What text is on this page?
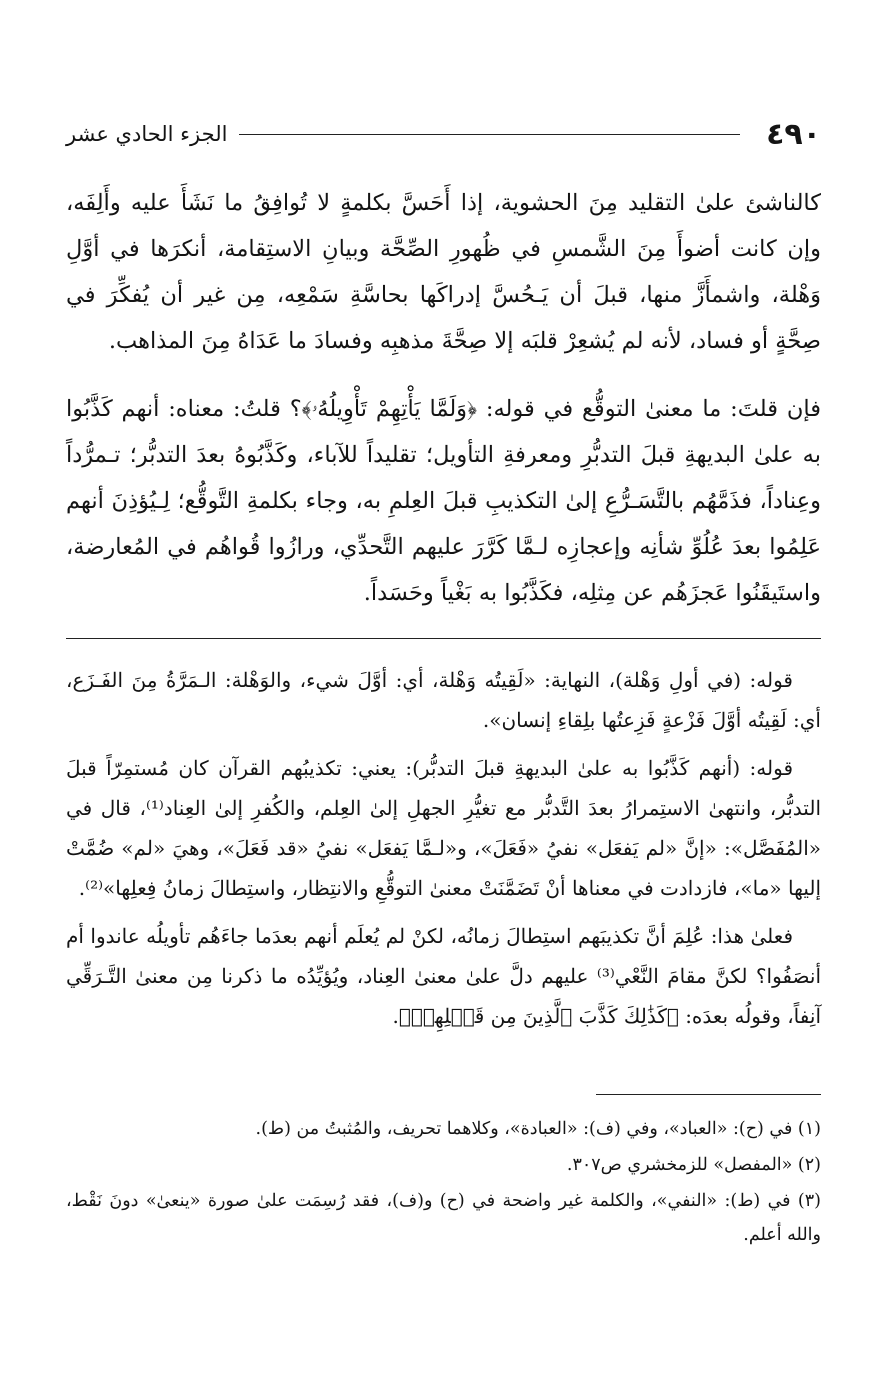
٤٩٠
الجزء الحادي عشر

كالناشئ علىٰ التقليد مِنَ الحشوية، إذا أَحَسَّ بكلمةٍ لا تُوافِقُ ما نَشَأَ عليه وأَلِفَه، وإن كانت أضوأَ مِنَ الشَّمسِ في ظُهورِ الصِّحَّة وبيانِ الاستِقامة، أنكرَها في أوَّلِ وَهْلة، واشمأَزَّ منها، قبلَ أن يَـحُسَّ إدراكَها بحاسَّةِ سَمْعِه، مِن غير أن يُفكِّرَ في صِحَّةٍ أو فساد، لأنه لم يُشعِرْ قلبَه إلا صِحَّةَ مذهبِه وفسادَ ما عَدَاهُ مِنَ المذاهب.

فإن قلتَ: ما معنىٰ التوقُّع في قوله: ﴿وَلَمَّا يَأْتِهِمْ تَأْوِيلُهُۥ﴾؟ قلتُ: معناه: أنهم كَذَّبُوا به علىٰ البديهةِ قبلَ التدبُّرِ ومعرفةِ التأويل؛ تقليداً للآباء، وكَذَّبُوهُ بعدَ التدبُّر؛ تـمرُّداً وعِناداً، فذَمَّهُم بالتَّسَـرُّعِ إلىٰ التكذيبِ قبلَ العِلمِ به، وجاء بكلمةِ التَّوقُّع؛ لِـيُؤذِنَ أنهم عَلِمُوا بعدَ عُلُوِّ شأنِه وإعجازِه لـمَّا كَرَّرَ عليهم التَّحدِّي، ورازُوا قُواهُم في المُعارضة، واستَيقَنُوا عَجزَهُم عن مِثلِه، فكَذَّبُوا به بَغْياً وحَسَداً.

قوله: (في أولِ وَهْلة)، النهاية: «لَقِيتُه وَهْلة، أي: أوَّلَ شيء، والوَهْلة: الـمَرَّةُ مِنَ الفَـزَع، أي: لَقِيتُه أوَّلَ فَزْعةٍ فَزِعتُها بلِقاءِ إنسان».

قوله: (أنهم كَذَّبُوا به علىٰ البديهةِ قبلَ التدبُّر): يعني: تكذيبُهم القرآن كان مُستمِرّاً قبلَ التدبُّر، وانتهىٰ الاستِمرارُ بعدَ التَّدبُّر مع تغيُّرِ الجهلِ إلىٰ العِلم، والكُفرِ إلىٰ العِناد⁽¹⁾، قال في «المُفَصَّل»: «إنَّ «لم يَفعَل» نفيُ «فَعَلَ»، و«لـمَّا يَفعَل» نفيُ «قد فَعَلَ»، وهيَ «لم» ضُمَّتْ إليها «ما»، فازدادت في معناها أنْ تَضَمَّنَتْ معنىٰ التوقُّعِ والانتِظار، واستِطالَ زمانُ فِعلِها»⁽²⁾.

فعلىٰ هذا: عُلِمَ أنَّ تكذيبَهم استِطالَ زمانُه، لكنْ لم يُعلَم أنهم بعدَما جاءَهُم تأويلُه عاندوا أم أنصَفُوا؟ لكنَّ مقامَ النَّعْي⁽³⁾ عليهم دلَّ علىٰ معنىٰ العِناد، ويُؤيِّدُه ما ذكرنا مِن معنىٰ التَّـرَقِّي آنِفاً، وقولُه بعدَه: ﴿كَذَٰلِكَ كَذَّبَ ٱلَّذِينَ مِن قَبۡلِهِمۡ﴾.

(١) في (ح): «العباد»، وفي (ف): «العبادة»، وكلاهما تحريف، والمُثبتُ من (ط).

(٢) «المفصل» للزمخشري ص٣٠٧.

(٣) في (ط): «النفي»، والكلمة غير واضحة في (ح) و(ف)، فقد رُسِمَت علىٰ صورة «ينعىٰ» دونَ نَقْط، والله أعلم.
